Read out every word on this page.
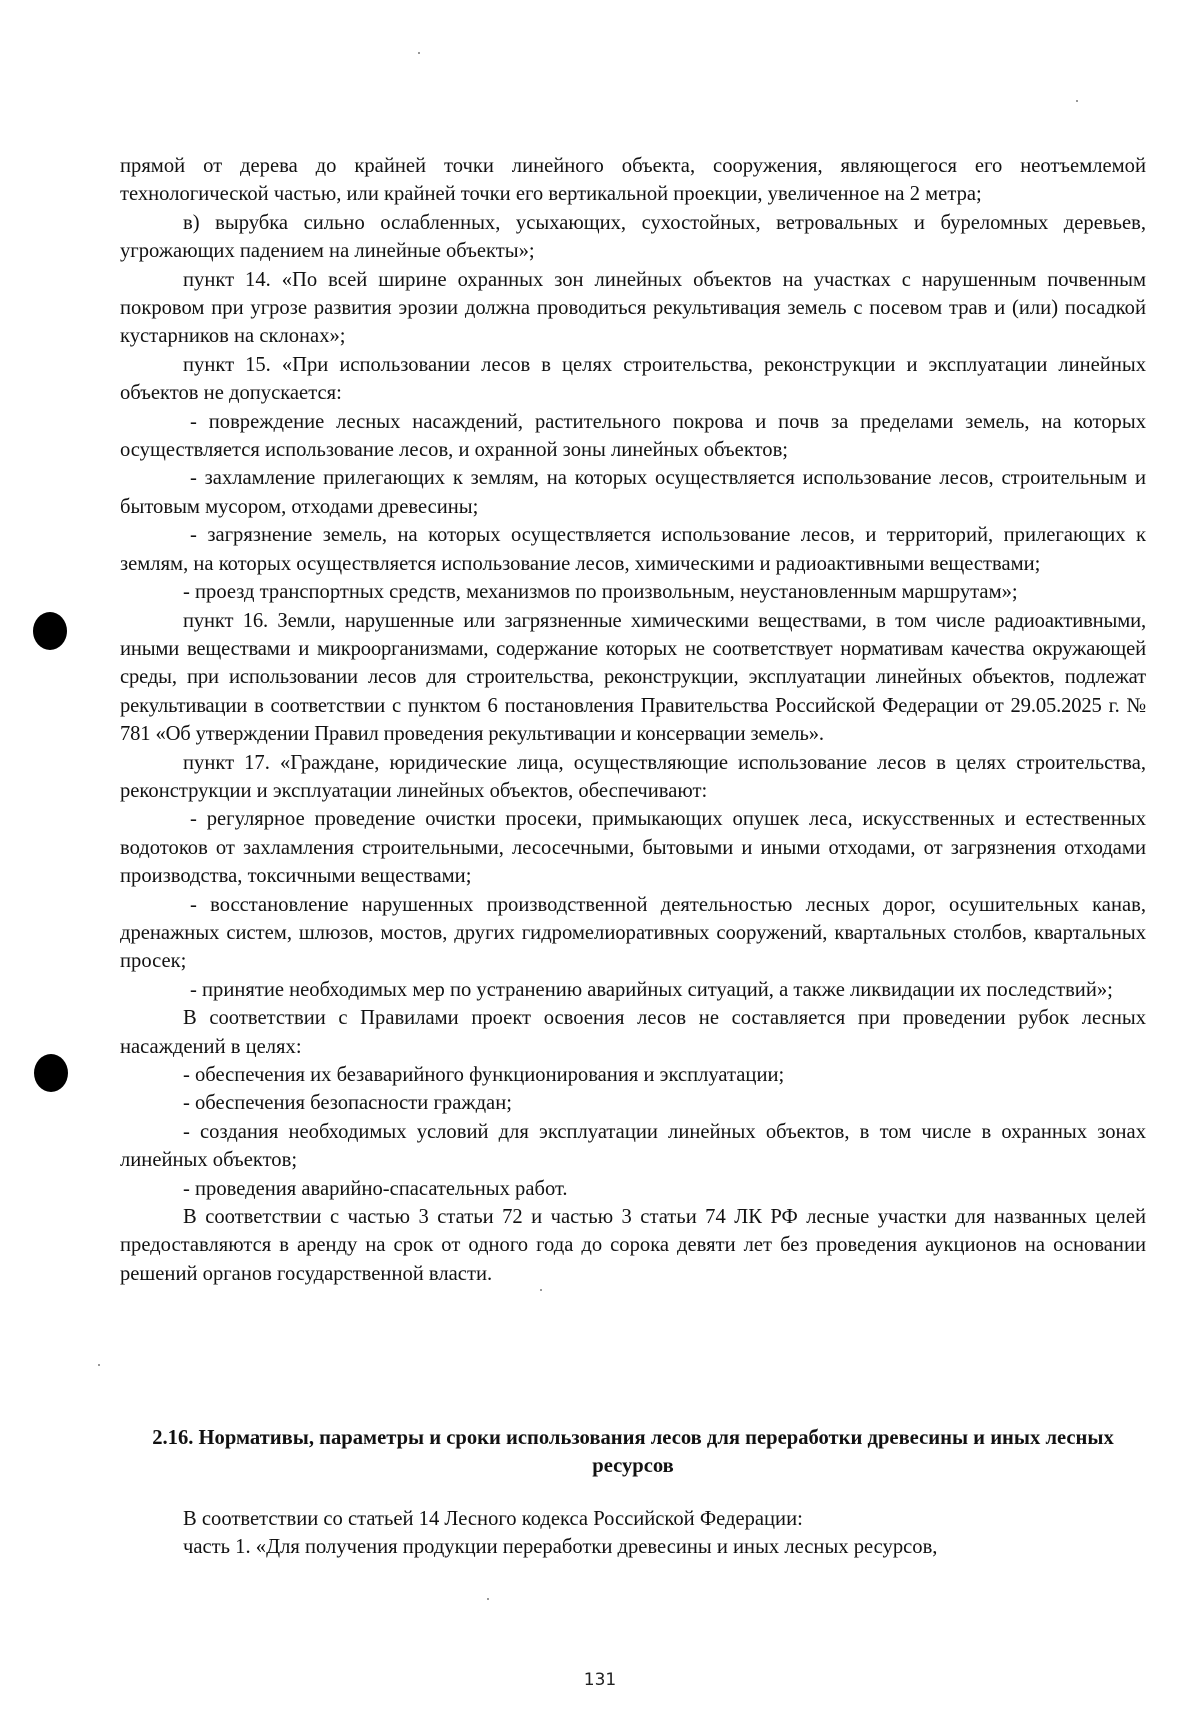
прямой от дерева до крайней точки линейного объекта, сооружения, являющегося его неотъемлемой технологической частью, или крайней точки его вертикальной проекции, увеличенное на 2 метра;

в) вырубка сильно ослабленных, усыхающих, сухостойных, ветровальных и буреломных деревьев, угрожающих падением на линейные объекты»;

пункт 14. «По всей ширине охранных зон линейных объектов на участках с нарушенным почвенным покровом при угрозе развития эрозии должна проводиться рекультивация земель с посевом трав и (или) посадкой кустарников на склонах»;

пункт 15. «При использовании лесов в целях строительства, реконструкции и эксплуатации линейных объектов не допускается:

- повреждение лесных насаждений, растительного покрова и почв за пределами земель, на которых осуществляется использование лесов, и охранной зоны линейных объектов;

- захламление прилегающих к землям, на которых осуществляется использование лесов, строительным и бытовым мусором, отходами древесины;

- загрязнение земель, на которых осуществляется использование лесов, и территорий, прилегающих к землям, на которых осуществляется использование лесов, химическими и радиоактивными веществами;

- проезд транспортных средств, механизмов по произвольным, неустановленным маршрутам»;

пункт 16. Земли, нарушенные или загрязненные химическими веществами, в том числе радиоактивными, иными веществами и микроорганизмами, содержание которых не соответствует нормативам качества окружающей среды, при использовании лесов для строительства, реконструкции, эксплуатации линейных объектов, подлежат рекультивации в соответствии с пунктом 6 постановления Правительства Российской Федерации от 29.05.2025 г. № 781 «Об утверждении Правил проведения рекультивации и консервации земель».

пункт 17. «Граждане, юридические лица, осуществляющие использование лесов в целях строительства, реконструкции и эксплуатации линейных объектов, обеспечивают:

- регулярное проведение очистки просеки, примыкающих опушек леса, искусственных и естественных водотоков от захламления строительными, лесосечными, бытовыми и иными отходами, от загрязнения отходами производства, токсичными веществами;

- восстановление нарушенных производственной деятельностью лесных дорог, осушительных канав, дренажных систем, шлюзов, мостов, других гидромелиоративных сооружений, квартальных столбов, квартальных просек;

- принятие необходимых мер по устранению аварийных ситуаций, а также ликвидации их последствий»;

В соответствии с Правилами проект освоения лесов не составляется при проведении рубок лесных насаждений в целях:

- обеспечения их безаварийного функционирования и эксплуатации;

- обеспечения безопасности граждан;

- создания необходимых условий для эксплуатации линейных объектов, в том числе в охранных зонах линейных объектов;

- проведения аварийно-спасательных работ.

В соответствии с частью 3 статьи 72 и частью 3 статьи 74 ЛК РФ лесные участки для названных целей предоставляются в аренду на срок от одного года до сорока девяти лет без проведения аукционов на основании решений органов государственной власти.

2.16. Нормативы, параметры и сроки использования лесов для переработки древесины и иных лесных ресурсов

В соответствии со статьей 14 Лесного кодекса Российской Федерации:

часть 1. «Для получения продукции переработки древесины и иных лесных ресурсов,

131
